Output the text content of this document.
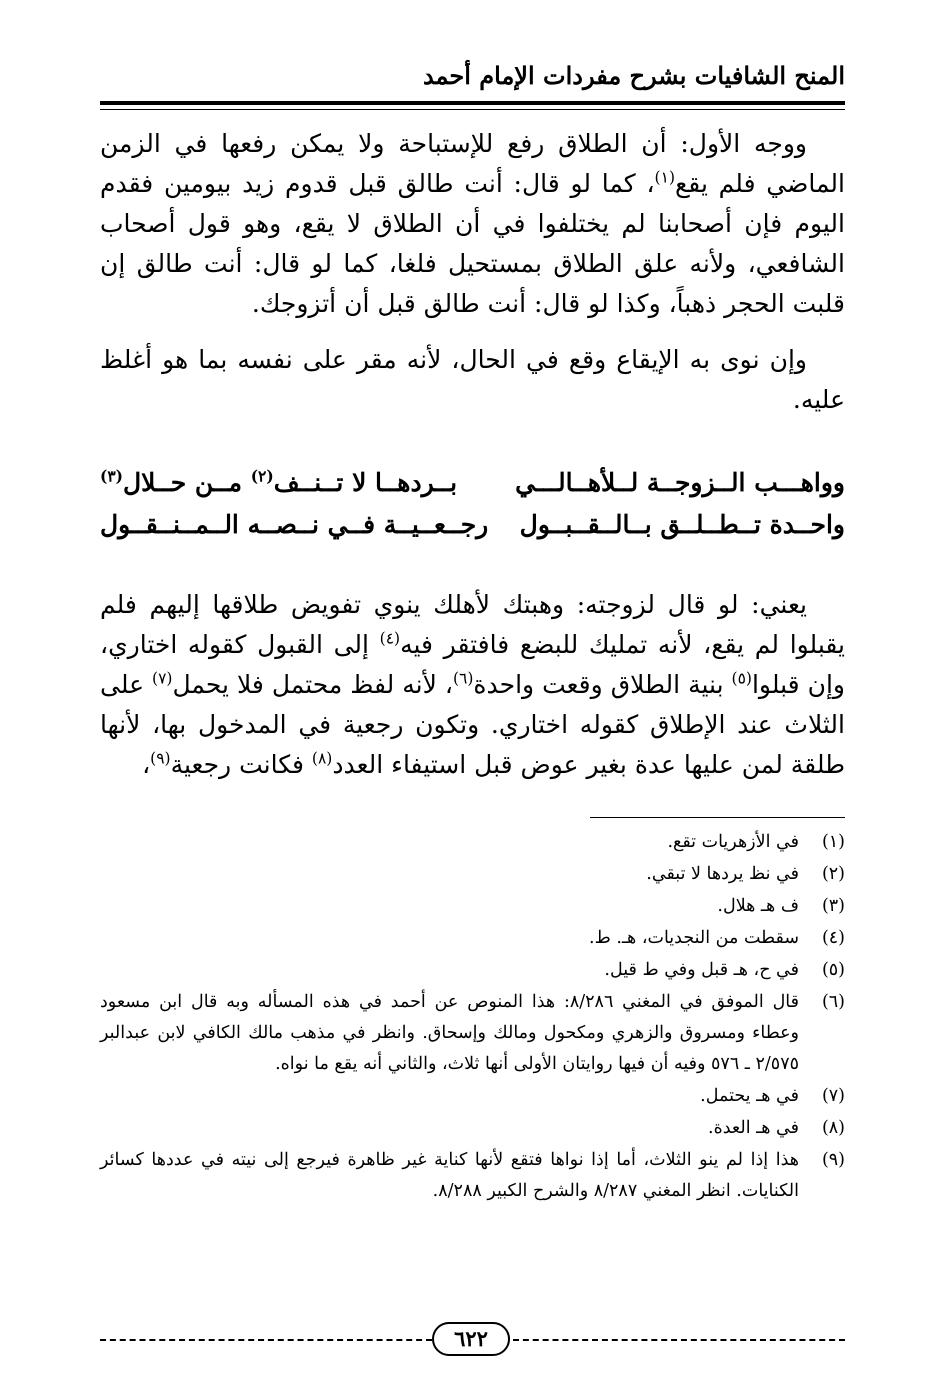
المنح الشافيات بشرح مفردات الإمام أحمد

ووجه الأول: أن الطلاق رفع للإستباحة ولا يمكن رفعها في الزمن الماضي فلم يقع$^{(١)}$، كما لو قال: أنت طالق قبل قدوم زيد بيومين فقدم اليوم فإن أصحابنا لم يختلفوا في أن الطلاق لا يقع، وهو قول أصحاب الشافعي، ولأنه علق الطلاق بمستحيل فلغا، كما لو قال: أنت طالق إن قلبت الحجر ذهباً، وكذا لو قال: أنت طالق قبل أن أتزوجك.

وإن نوى به الإيقاع وقع في الحال، لأنه مقر على نفسه بما هو أغلظ عليه.

وواهـــب الــزوجــة لــلأهــالـــي
بــردهــا لا تــنــف$^{(٢)}$ مــن حــلال$^{(٣)}$
واحــدة تــطــلــق بــالــقــبــول
رجــعــيــة فــي نــصــه الــمــنــقــول

يعني: لو قال لزوجته: وهبتك لأهلك ينوي تفويض طلاقها إليهم فلم يقبلوا لم يقع، لأنه تمليك للبضع فافتقر فيه$^{(٤)}$ إلى القبول كقوله اختاري، وإن قبلوا$^{(٥)}$ بنية الطلاق وقعت واحدة$^{(٦)}$، لأنه لفظ محتمل فلا يحمل$^{(٧)}$ على الثلاث عند الإطلاق كقوله اختاري. وتكون رجعية في المدخول بها، لأنها طلقة لمن عليها عدة بغير عوض قبل استيفاء العدد$^{(٨)}$ فكانت رجعية$^{(٩)}$،

(١)
في الأزهريات تقع.
(٢)
في نظ يردها لا تبقي.
(٣)
ف هـ هلال.
(٤)
سقطت من النجديات، هـ. ط.
(٥)
في ح، هـ قبل وفي ط قيل.
(٦)
قال الموفق في المغني ٨/٢٨٦: هذا المنوص عن أحمد في هذه المسأله وبه قال ابن مسعود وعطاء ومسروق والزهري ومكحول ومالك وإسحاق. وانظر في مذهب مالك الكافي لابن عبدالبر ٢/٥٧٥ ـ ٥٧٦ وفيه أن فيها روايتان الأولى أنها ثلاث، والثاني أنه يقع ما نواه.
(٧)
في هـ يحتمل.
(٨)
في هـ العدة.
(٩)
هذا إذا لم ينو الثلاث، أما إذا نواها فتقع لأنها كناية غير ظاهرة فيرجع إلى نيته في عددها كسائر الكنايات. انظر المغني ٨/٢٨٧ والشرح الكبير ٨/٢٨٨.
٦٢٢
